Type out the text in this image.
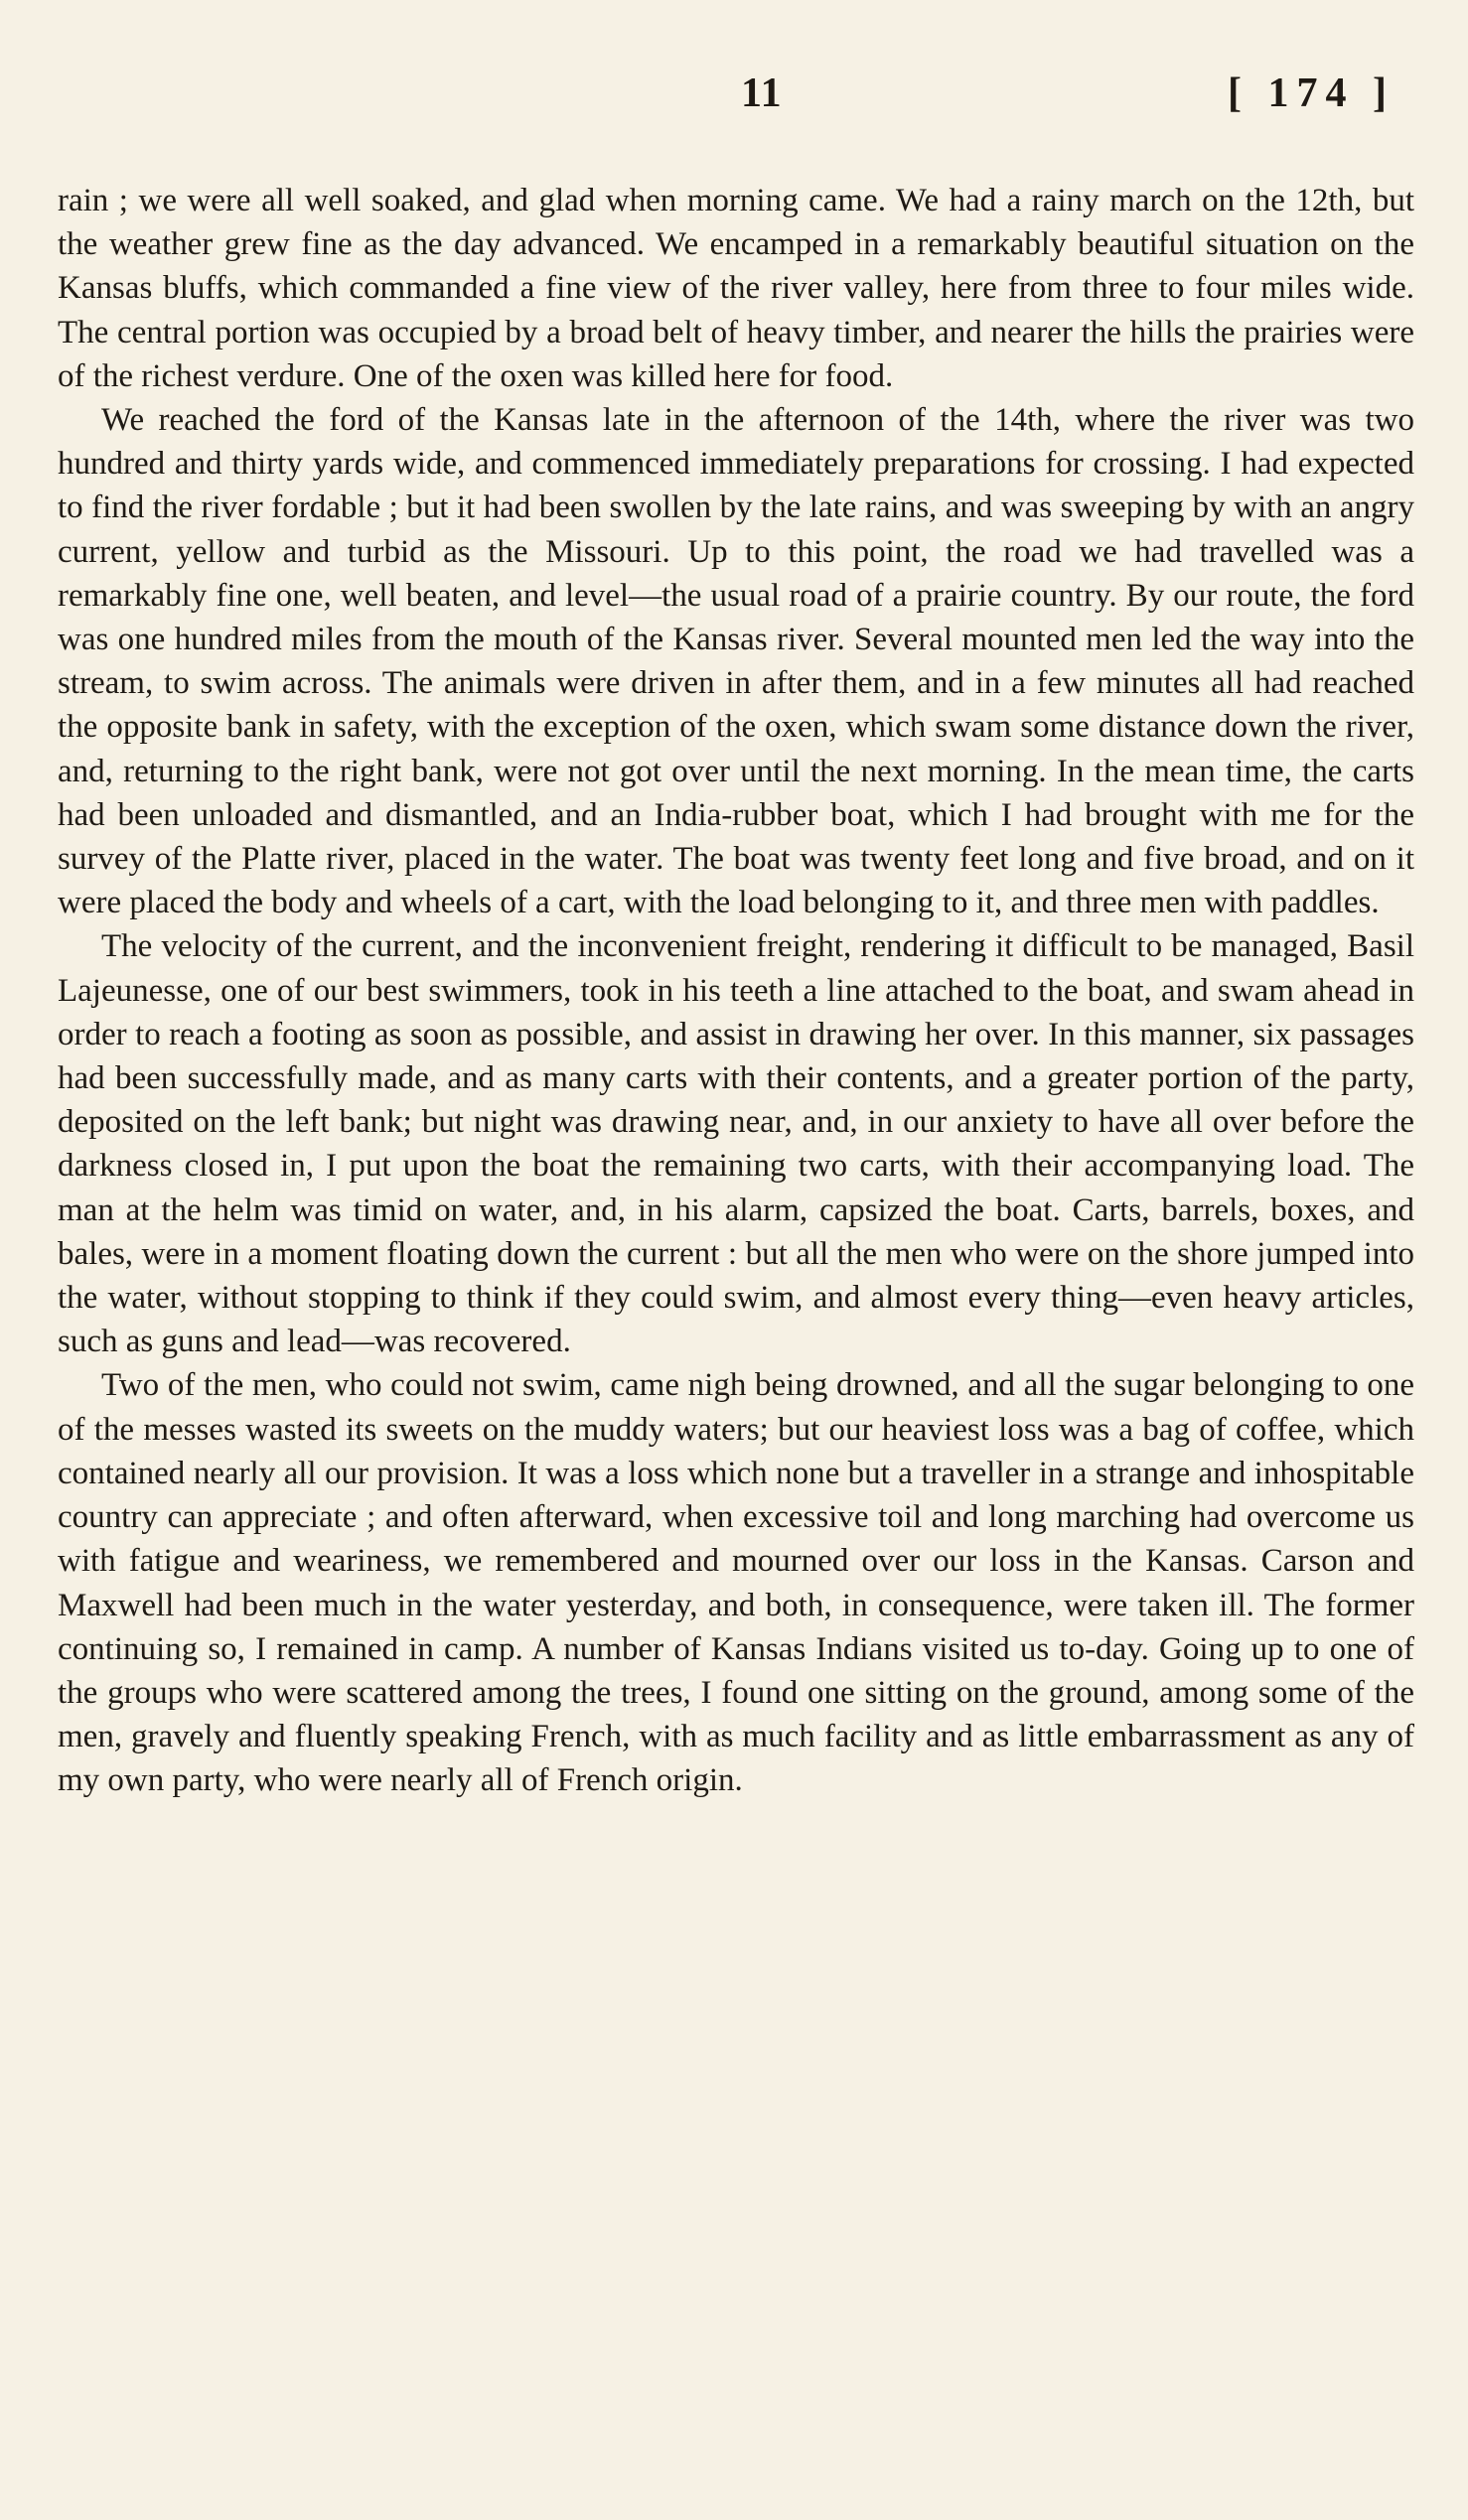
11	[ 174 ]

rain ; we were all well soaked, and glad when morning came. We had a rainy march on the 12th, but the weather grew fine as the day advanced. We encamped in a remarkably beautiful situation on the Kansas bluffs, which commanded a fine view of the river valley, here from three to four miles wide. The central portion was occupied by a broad belt of heavy timber, and nearer the hills the prairies were of the richest verdure. One of the oxen was killed here for food.

We reached the ford of the Kansas late in the afternoon of the 14th, where the river was two hundred and thirty yards wide, and commenced immediately preparations for crossing. I had expected to find the river fordable ; but it had been swollen by the late rains, and was sweeping by with an angry current, yellow and turbid as the Missouri. Up to this point, the road we had travelled was a remarkably fine one, well beaten, and level—the usual road of a prairie country. By our route, the ford was one hundred miles from the mouth of the Kansas river. Several mounted men led the way into the stream, to swim across. The animals were driven in after them, and in a few minutes all had reached the opposite bank in safety, with the exception of the oxen, which swam some distance down the river, and, returning to the right bank, were not got over until the next morning. In the mean time, the carts had been unloaded and dismantled, and an India-rubber boat, which I had brought with me for the survey of the Platte river, placed in the water. The boat was twenty feet long and five broad, and on it were placed the body and wheels of a cart, with the load belonging to it, and three men with paddles.

The velocity of the current, and the inconvenient freight, rendering it difficult to be managed, Basil Lajeunesse, one of our best swimmers, took in his teeth a line attached to the boat, and swam ahead in order to reach a footing as soon as possible, and assist in drawing her over. In this manner, six passages had been successfully made, and as many carts with their contents, and a greater portion of the party, deposited on the left bank; but night was drawing near, and, in our anxiety to have all over before the darkness closed in, I put upon the boat the remaining two carts, with their accompanying load. The man at the helm was timid on water, and, in his alarm, capsized the boat. Carts, barrels, boxes, and bales, were in a moment floating down the current : but all the men who were on the shore jumped into the water, without stopping to think if they could swim, and almost every thing—even heavy articles, such as guns and lead—was recovered.

Two of the men, who could not swim, came nigh being drowned, and all the sugar belonging to one of the messes wasted its sweets on the muddy waters; but our heaviest loss was a bag of coffee, which contained nearly all our provision. It was a loss which none but a traveller in a strange and inhospitable country can appreciate ; and often afterward, when excessive toil and long marching had overcome us with fatigue and weariness, we remembered and mourned over our loss in the Kansas. Carson and Maxwell had been much in the water yesterday, and both, in consequence, were taken ill. The former continuing so, I remained in camp. A number of Kansas Indians visited us to-day. Going up to one of the groups who were scattered among the trees, I found one sitting on the ground, among some of the men, gravely and fluently speaking French, with as much facility and as little embarrassment as any of my own party, who were nearly all of French origin.
